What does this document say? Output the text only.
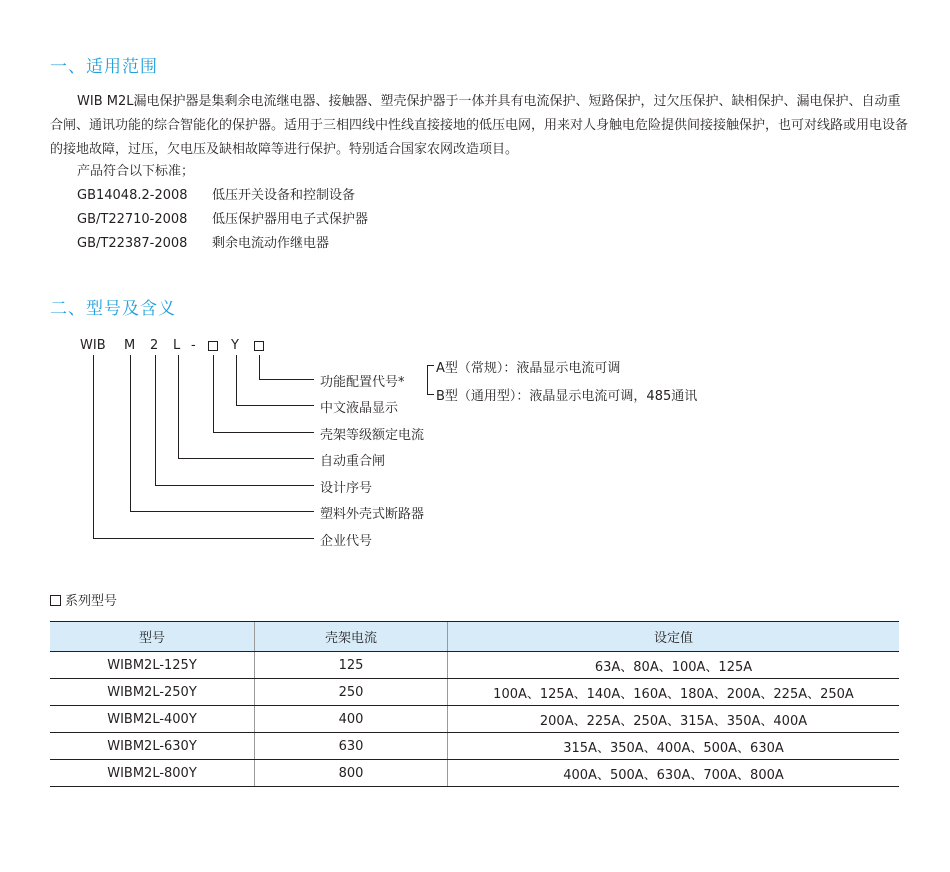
一、适用范围
WIB M2L漏电保护器是集剩余电流继电器、接触器、塑壳保护器于一体并具有电流保护、短路保护，过欠压保护、缺相保护、漏电保护、自动重合闸、通讯功能的综合智能化的保护器。适用于三相四线中性线直接接地的低压电网，用来对人身触电危险提供间接接触保护，也可对线路或用电设备的接地故障，过压，欠电压及缺相故障等进行保护。特别适合国家农网改造项目。
产品符合以下标准；
GB14048.2-2008 低压开关设备和控制设备
GB/T22710-2008 低压保护器用电子式保护器
GB/T22387-2008 剩余电流动作继电器
二、型号及含义
WIB M 2 L -	Y
功能配置代号*
中文液晶显示
壳架等级额定电流
自动重合闸
设计序号
塑料外壳式断路器
企业代号
A型（常规）：液晶显示电流可调
B型（通用型）：液晶显示电流可调，485通讯
系列型号
型号	壳架电流	设定值
WIBM2L-125Y	125	63A、80A、100A、125A
WIBM2L-250Y	250	100A、125A、140A、160A、180A、200A、225A、250A
WIBM2L-400Y	400	200A、225A、250A、315A、350A、400A
WIBM2L-630Y	630	315A、350A、400A、500A、630A
WIBM2L-800Y	800	400A、500A、630A、700A、800A
